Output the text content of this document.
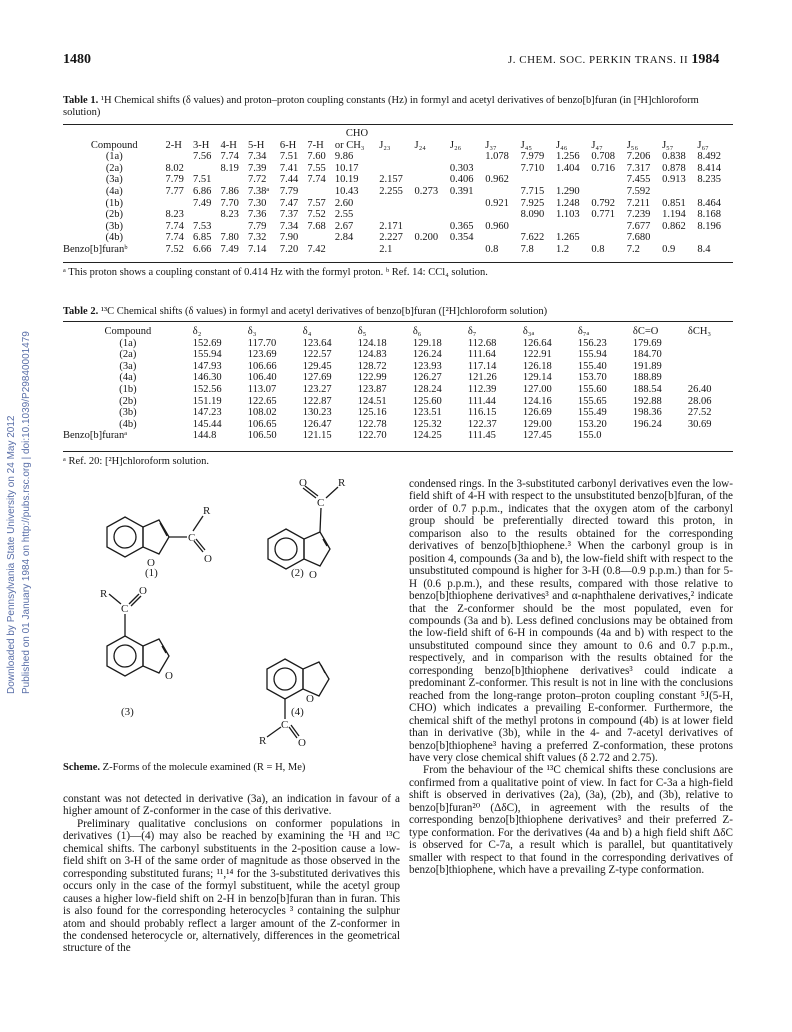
1480	J. CHEM. SOC. PERKIN TRANS. II 1984
Downloaded by Pennsylvania State University on 24 May 2012 Published on 01 January 1984 on http://pubs.rsc.org | doi:10.1039/P29840001479
Table 1. ¹H Chemical shifts (δ values) and proton–proton coupling constants (Hz) in formyl and acetyl derivatives of benzo[b]furan (in [²H]chloroform solution)
							CHO										
Compound	2-H	3-H	4-H	5-H	6-H	7-H	or CH₃	J₂₃	J₂₄	J₂₆	J₃₇	J₄₅	J₄₆	J₄₇	J₅₆	J₅₇	J₆₇
(1a)		7.56	7.74	7.34	7.51	7.60	9.86				1.078	7.979	1.256	0.708	7.206	0.838	8.492
(2a)	8.02		8.19	7.39	7.41	7.55	10.17			0.303		7.710	1.404	0.716	7.317	0.878	8.414
(3a)	7.79	7.51		7.72	7.44	7.74	10.19	2.157		0.406	0.962				7.455	0.913	8.235
(4a)	7.77	6.86	7.86	7.38ᵃ	7.79		10.43	2.255	0.273	0.391		7.715	1.290		7.592		
(1b)		7.49	7.70	7.30	7.47	7.57	2.60				0.921	7.925	1.248	0.792	7.211	0.851	8.464
(2b)	8.23		8.23	7.36	7.37	7.52	2.55					8.090	1.103	0.771	7.239	1.194	8.168
(3b)	7.74	7.53		7.79	7.34	7.68	2.67	2.171		0.365	0.960				7.677	0.862	8.196
(4b)	7.74	6.85	7.80	7.32	7.90		2.84	2.227	0.200	0.354		7.622	1.265		7.680		
Benzo[b]furanᵇ	7.52	6.66	7.49	7.14	7.20	7.42		2.1			0.8	7.8	1.2	0.8	7.2	0.9	8.4
ᵃ This proton shows a coupling constant of 0.414 Hz with the formyl proton. ᵇ Ref. 14: CCl₄ solution.
Table 2. ¹³C Chemical shifts (δ values) in formyl and acetyl derivatives of benzo[b]furan ([²H]chloroform solution)
Compound	δ₂	δ₃	δ₄	δ₅	δ₆	δ₇	δ₃ₐ	δ₇ₐ	δC=O	δCH₃
(1a)	152.69	117.70	123.64	124.18	129.18	112.68	126.64	156.23	179.69	
(2a)	155.94	123.69	122.57	124.83	126.24	111.64	122.91	155.94	184.70	
(3a)	147.93	106.66	129.45	128.72	123.93	117.14	126.18	155.40	191.89	
(4a)	146.30	106.40	127.69	122.99	126.27	121.26	129.14	153.70	188.89	
(1b)	152.56	113.07	123.27	123.87	128.24	112.39	127.00	155.60	188.54	26.40
(2b)	151.19	122.65	122.87	124.51	125.60	111.44	124.16	155.65	192.88	28.06
(3b)	147.23	108.02	130.23	125.16	123.51	116.15	126.69	155.49	198.36	27.52
(4b)	145.44	106.65	126.47	122.78	125.32	122.37	129.00	153.20	196.24	30.69
Benzo[b]furanᵃ	144.8	106.50	121.15	122.70	124.25	111.45	127.45	155.0		
ᵃ Ref. 20: [²H]chloroform solution.
O
C
R
O
(1)
O
C
R
O
(2)
R
C
O
O
(3)
O
C
R	O
(4)
Scheme. Z-Forms of the molecule examined (R = H, Me)

constant was not detected in derivative (3a), an indication in favour of a higher amount of Z-conformer in the case of this derivative.

Preliminary qualitative conclusions on conformer populations in derivatives (1)—(4) may also be reached by examining the ¹H and ¹³C chemical shifts. The carbonyl substituents in the 2-position cause a low-field shift on 3-H of the same order of magnitude as those observed in the corresponding substituted furans; ¹¹,¹⁴ for the 3-substituted derivatives this occurs only in the case of the formyl substituent, while the acetyl group causes a higher low-field shift on 2-H in benzo[b]furan than in furan. This is also found for the corresponding heterocycles ³ containing the sulphur atom and should probably reflect a larger amount of the Z-conformer in the condensed heterocycle or, alternatively, differences in the geometrical structure of the

condensed rings. In the 3-substituted carbonyl derivatives even the low-field shift of 4-H with respect to the unsubstituted benzo[b]furan, of the order of 0.7 p.p.m., indicates that the oxygen atom of the carbonyl group should be preferentially directed toward this proton, in comparison also to the results obtained for the corresponding derivatives of benzo[b]thiophene.³ When the carbonyl group is in position 4, compounds (3a and b), the low-field shift with respect to the unsubstituted compound is higher for 3-H (0.8—0.9 p.p.m.) than for 5-H (0.6 p.p.m.), and these results, compared with those relative to benzo[b]thiophene derivatives³ and α-naphthalene derivatives,² indicate that the Z-conformer should be the most populated, even for compounds (3a and b). Less defined conclusions may be obtained from the low-field shift of 6-H in compounds (4a and b) with respect to the unsubstituted compound since they amount to 0.6 and 0.7 p.p.m., respectively, and in comparison with the results obtained for the corresponding benzo[b]thiophene derivatives³ could indicate a predominant Z-conformer. This result is not in line with the conclusions reached from the long-range proton–proton coupling constant ⁵J(5-H, CHO) which indicates a prevailing E-conformer. Furthermore, the chemical shift of the methyl protons in compound (4b) is at lower field than in derivative (3b), while in the 4- and 7-acetyl derivatives of benzo[b]thiophene³ having a preferred Z-conformation, these protons have very close chemical shift values (δ 2.72 and 2.75).

From the behaviour of the ¹³C chemical shifts these conclusions are confirmed from a qualitative point of view. In fact for C-3a a high-field shift is observed in derivatives (2a), (3a), (2b), and (3b), relative to benzo[b]furan²⁰ (ΔδC), in agreement with the results of the corresponding benzo[b]thiophene derivatives³ and their preferred Z-type conformation. For the derivatives (4a and b) a high field shift ΔδC is observed for C-7a, a result which is parallel, but quantitatively smaller with respect to that found in the corresponding derivatives of benzo[b]thiophene, which have a prevailing Z-type conformation.
